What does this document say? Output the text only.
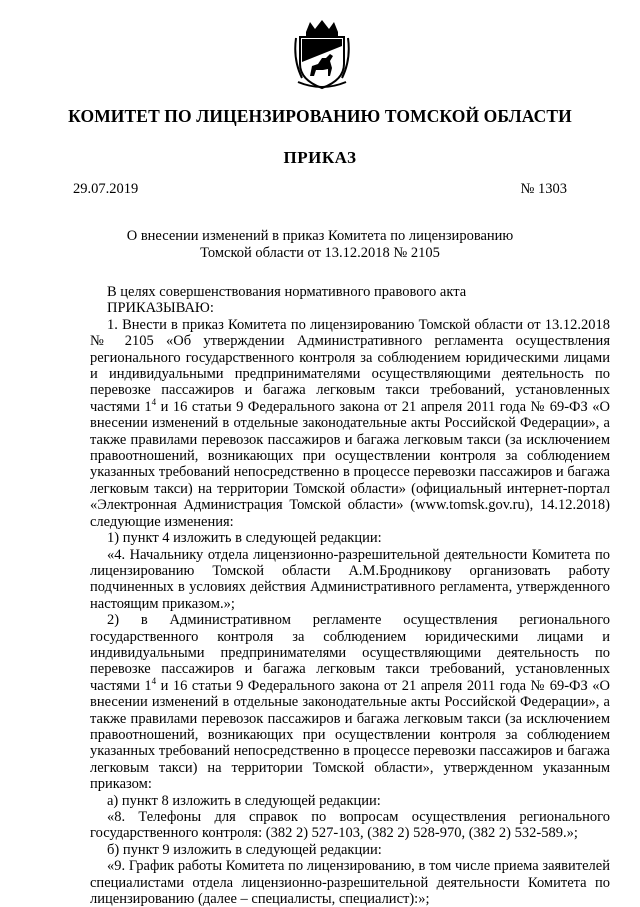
КОМИТЕТ ПО ЛИЦЕНЗИРОВАНИЮ ТОМСКОЙ ОБЛАСТИ
ПРИКАЗ
29.07.2019	№ 1303
О внесении изменений в приказ Комитета по лицензированию
Томской области от 13.12.2018 № 2105

В целях совершенствования нормативного правового акта

ПРИКАЗЫВАЮ:

1. Внести в приказ Комитета по лицензированию Томской области от 13.12.2018 № 2105 «Об утверждении Административного регламента осуществления регионального государственного контроля за соблюдением юридическими лицами и индивидуальными предпринимателями осуществляющими деятельность по перевозке пассажиров и багажа легковым такси требований, установленных частями $1^4$ и 16 статьи 9 Федерального закона от 21 апреля 2011 года № 69-ФЗ «О внесении изменений в отдельные законодательные акты Российской Федерации», а также правилами перевозок пассажиров и багажа легковым такси (за исключением правоотношений, возникающих при осуществлении контроля за соблюдением указанных требований непосредственно в процессе перевозки пассажиров и багажа легковым такси) на территории Томской области» (официальный интернет-портал «Электронная Администрация Томской области» (www.tomsk.gov.ru), 14.12.2018) следующие изменения:

1) пункт 4 изложить в следующей редакции:

«4. Начальнику отдела лицензионно-разрешительной деятельности Комитета по лицензированию Томской области А.М.Бродникову организовать работу подчиненных в условиях действия Административного регламента, утвержденного настоящим приказом.»;

2) в Административном регламенте осуществления регионального государственного контроля за соблюдением юридическими лицами и индивидуальными предпринимателями осуществляющими деятельность по перевозке пассажиров и багажа легковым такси требований, установленных частями $1^4$ и 16 статьи 9 Федерального закона от 21 апреля 2011 года № 69-ФЗ «О внесении изменений в отдельные законодательные акты Российской Федерации», а также правилами перевозок пассажиров и багажа легковым такси (за исключением правоотношений, возникающих при осуществлении контроля за соблюдением указанных требований непосредственно в процессе перевозки пассажиров и багажа легковым такси) на территории Томской области», утвержденном указанным приказом:

а) пункт 8 изложить в следующей редакции:

«8. Телефоны для справок по вопросам осуществления регионального государственного контроля: (382 2) 527-103, (382 2) 528-970, (382 2) 532-589.»;

б) пункт 9 изложить в следующей редакции:

«9. График работы Комитета по лицензированию, в том числе приема заявителей специалистами отдела лицензионно-разрешительной деятельности Комитета по лицензированию (далее – специалисты, специалист):»;
